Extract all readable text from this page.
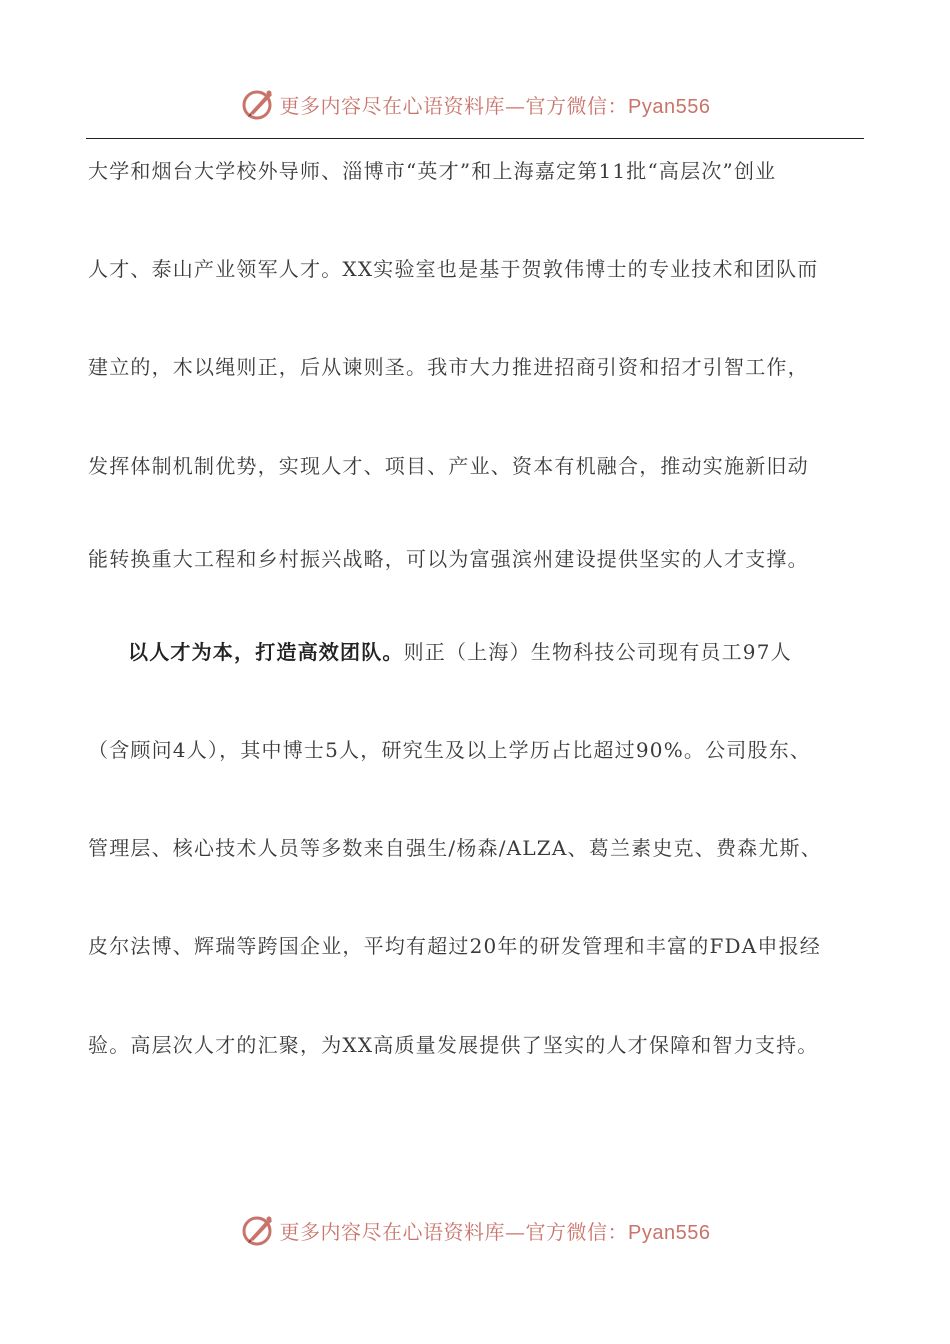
更多内容尽在心语资料库—官方微信：Pyan556
大学和烟台大学校外导师、淄博市“英才”和上海嘉定第11批“高层次”创业
人才、泰山产业领军人才。XX实验室也是基于贺敦伟博士的专业技术和团队而
建立的，木以绳则正，后从谏则圣。我市大力推进招商引资和招才引智工作，
发挥体制机制优势，实现人才、项目、产业、资本有机融合，推动实施新旧动
能转换重大工程和乡村振兴战略，可以为富强滨州建设提供坚实的人才支撑。
以人才为本，打造高效团队。则正（上海）生物科技公司现有员工97人
（含顾问4人），其中博士5人，研究生及以上学历占比超过90%。公司股东、
管理层、核心技术人员等多数来自强生/杨森/ALZA、葛兰素史克、费森尤斯、
皮尔法博、辉瑞等跨国企业，平均有超过20年的研发管理和丰富的FDA申报经
验。高层次人才的汇聚，为XX高质量发展提供了坚实的人才保障和智力支持。
更多内容尽在心语资料库—官方微信：Pyan556
